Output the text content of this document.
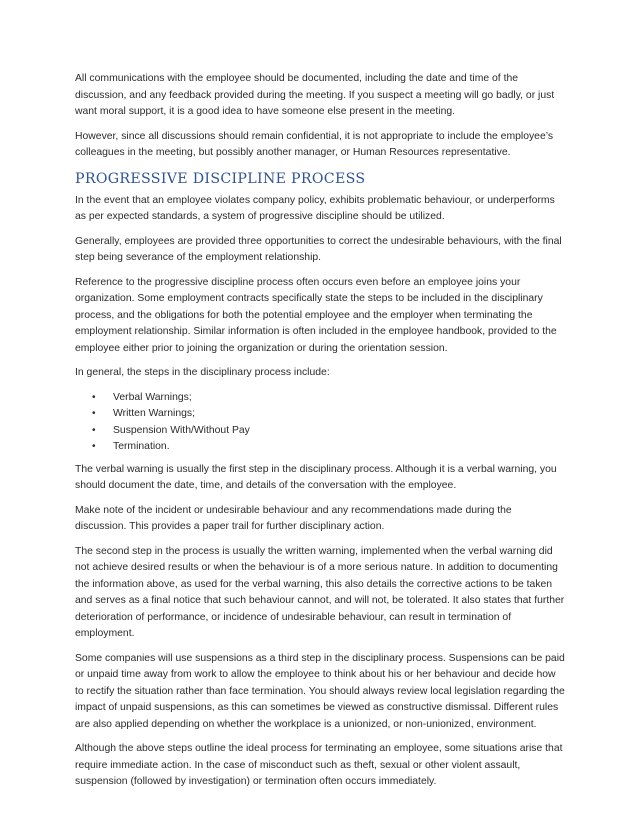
All communications with the employee should be documented, including the date and time of the discussion, and any feedback provided during the meeting. If you suspect a meeting will go badly, or just want moral support, it is a good idea to have someone else present in the meeting.

However, since all discussions should remain confidential, it is not appropriate to include the employee’s colleagues in the meeting, but possibly another manager, or Human Resources representative.

PROGRESSIVE DISCIPLINE PROCESS

In the event that an employee violates company policy, exhibits problematic behaviour, or underperforms as per expected standards, a system of progressive discipline should be utilized.

Generally, employees are provided three opportunities to correct the undesirable behaviours, with the final step being severance of the employment relationship.

Reference to the progressive discipline process often occurs even before an employee joins your organization. Some employment contracts specifically state the steps to be included in the disciplinary process, and the obligations for both the potential employee and the employer when terminating the employment relationship. Similar information is often included in the employee handbook, provided to the employee either prior to joining the organization or during the orientation session.

In general, the steps in the disciplinary process include:

• Verbal Warnings;
• Written Warnings;
• Suspension With/Without Pay
• Termination.

The verbal warning is usually the first step in the disciplinary process. Although it is a verbal warning, you should document the date, time, and details of the conversation with the employee.

Make note of the incident or undesirable behaviour and any recommendations made during the discussion. This provides a paper trail for further disciplinary action.

The second step in the process is usually the written warning, implemented when the verbal warning did not achieve desired results or when the behaviour is of a more serious nature. In addition to documenting the information above, as used for the verbal warning, this also details the corrective actions to be taken and serves as a final notice that such behaviour cannot, and will not, be tolerated. It also states that further deterioration of performance, or incidence of undesirable behaviour, can result in termination of employment.

Some companies will use suspensions as a third step in the disciplinary process. Suspensions can be paid or unpaid time away from work to allow the employee to think about his or her behaviour and decide how to rectify the situation rather than face termination. You should always review local legislation regarding the impact of unpaid suspensions, as this can sometimes be viewed as constructive dismissal. Different rules are also applied depending on whether the workplace is a unionized, or non-unionized, environment.

Although the above steps outline the ideal process for terminating an employee, some situations arise that require immediate action. In the case of misconduct such as theft, sexual or other violent assault, suspension (followed by investigation) or termination often occurs immediately.
